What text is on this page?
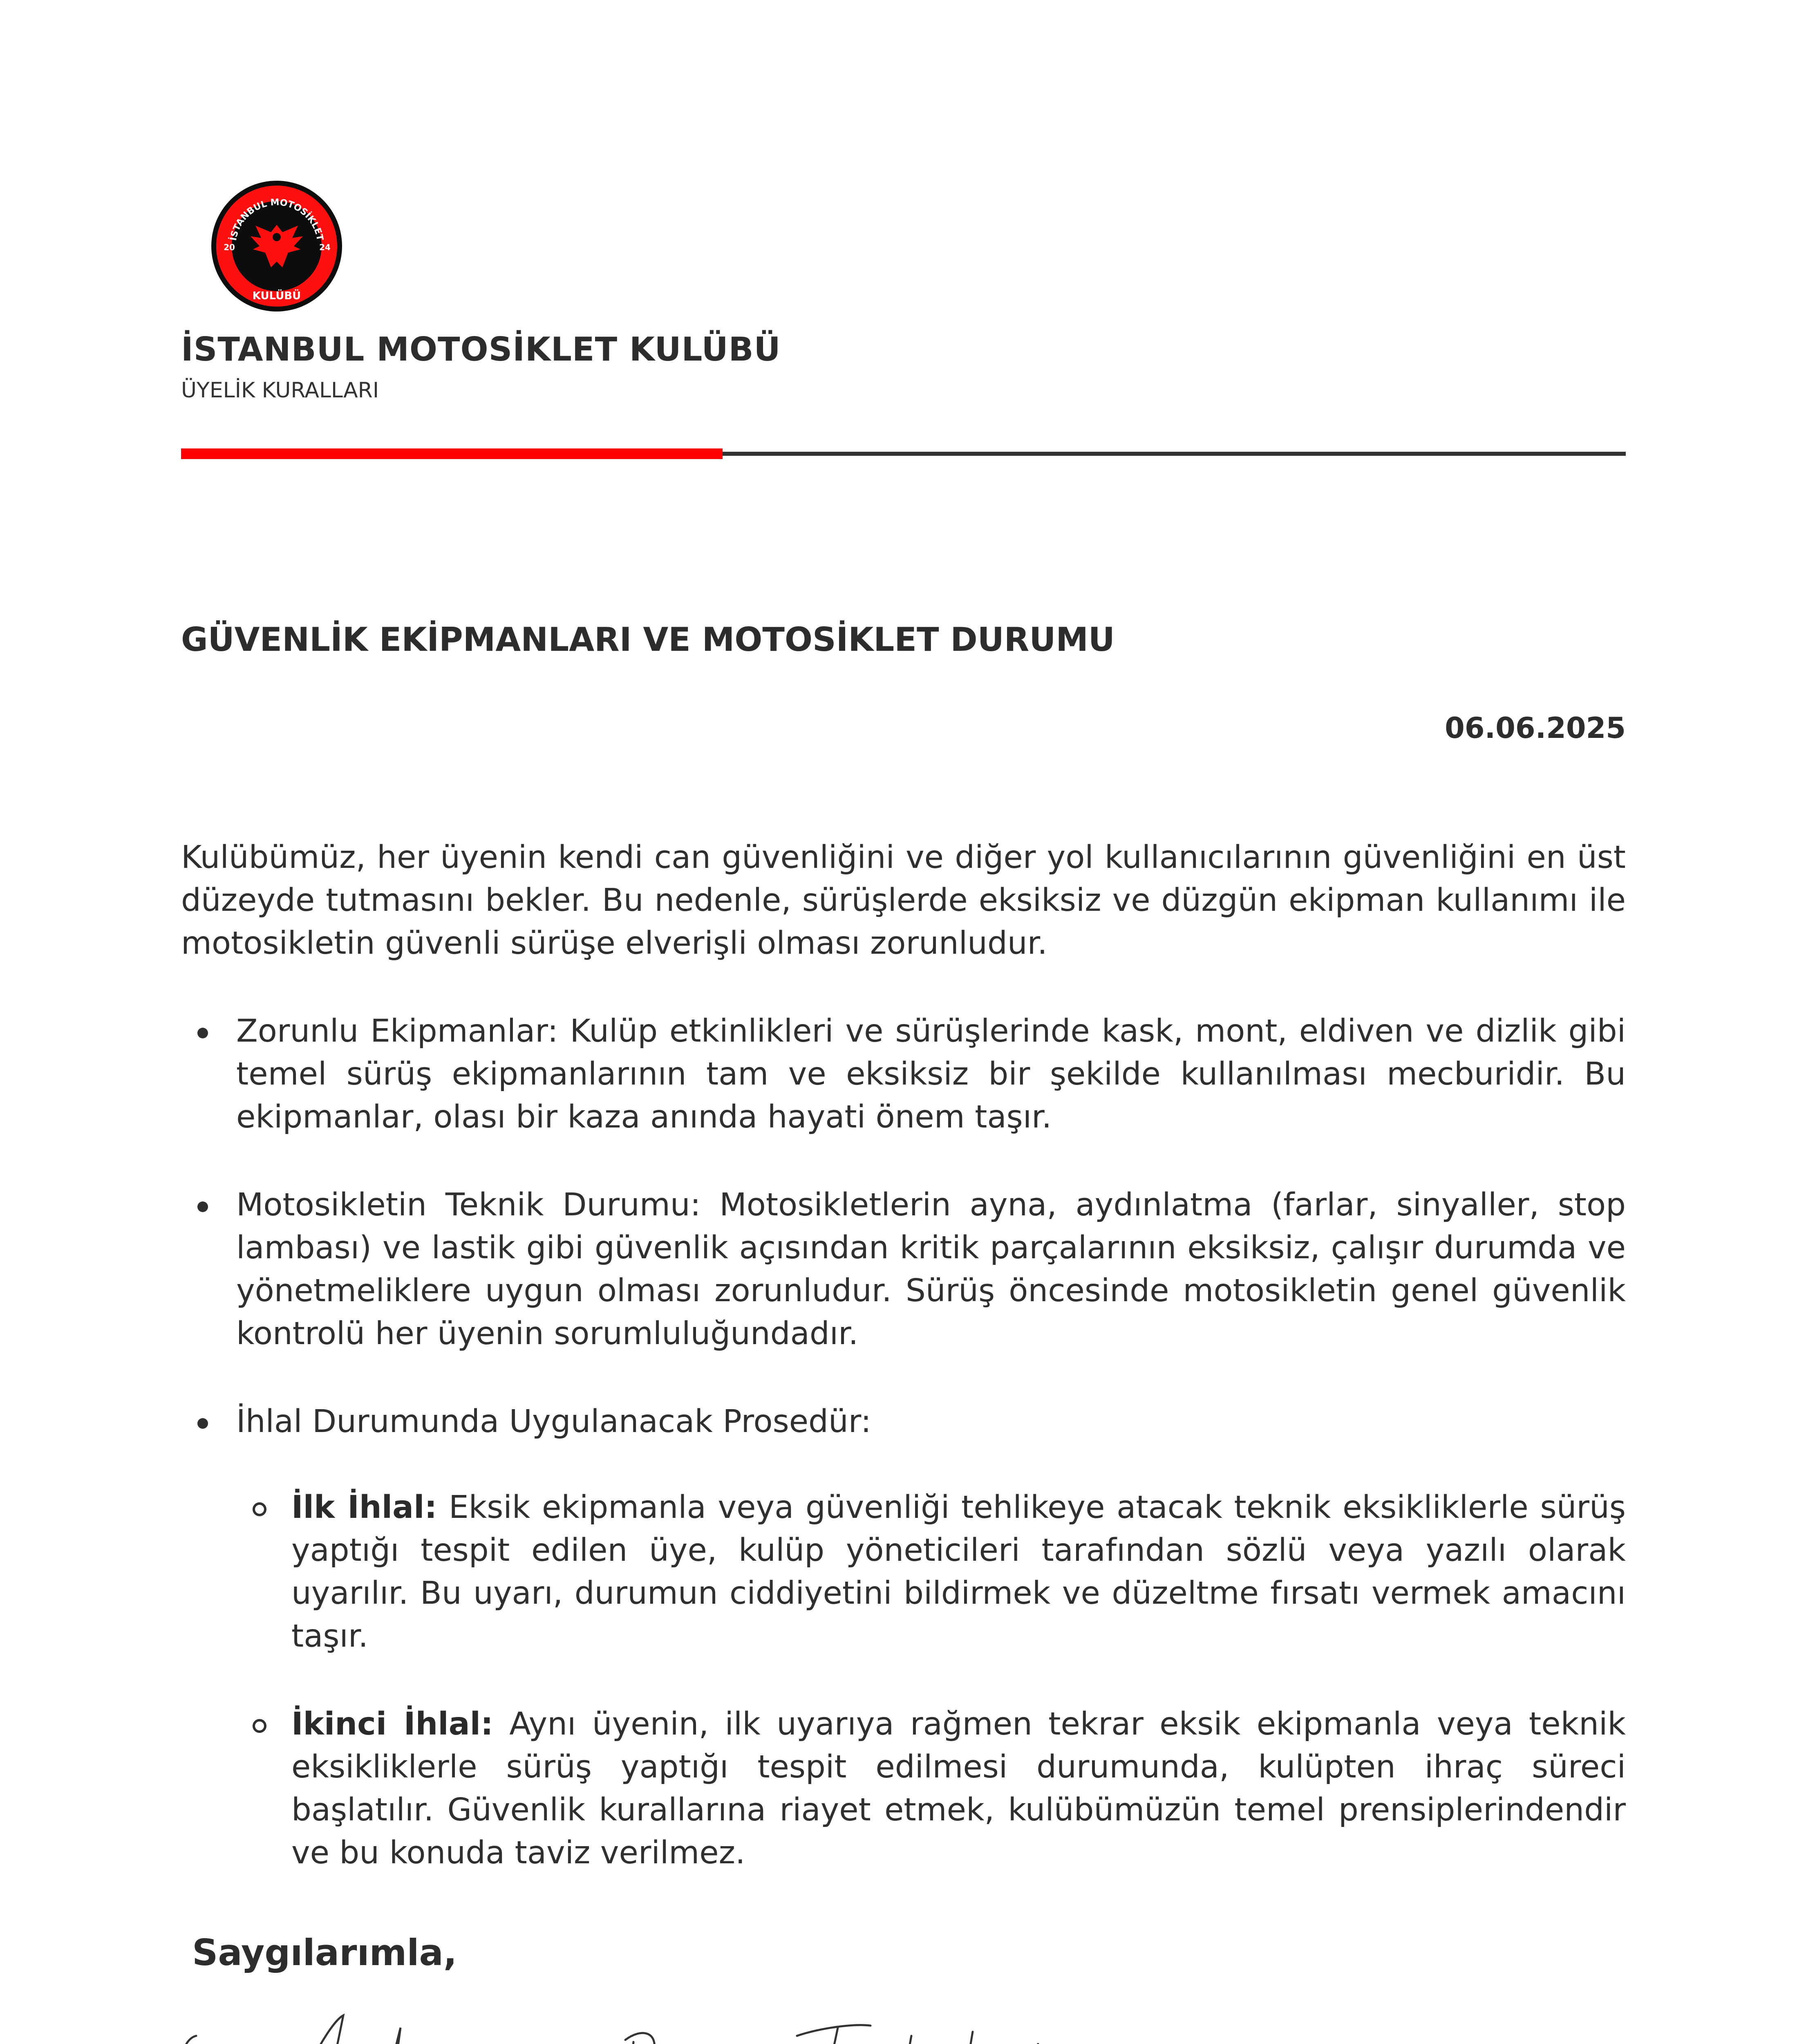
İSTANBUL MOTOSİKLET
KULÜBÜ
20	24
İSTANBUL MOTOSİKLET KULÜBÜ
ÜYELİK KURALLARI
GÜVENLİK EKİPMANLARI VE MOTOSİKLET DURUMU
06.06.2025
Kulübümüz, her üyenin kendi can güvenliğini ve diğer yol kullanıcılarının güvenliğini en üst düzeyde tutmasını bekler. Bu nedenle, sürüşlerde eksiksiz ve düzgün ekipman kullanımı ile motosikletin güvenli sürüşe elverişli olması zorunludur.
Zorunlu Ekipmanlar: Kulüp etkinlikleri ve sürüşlerinde kask, mont, eldiven ve dizlik gibi temel sürüş ekipmanlarının tam ve eksiksiz bir şekilde kullanılması mecburidir. Bu ekipmanlar, olası bir kaza anında hayati önem taşır.
Motosikletin Teknik Durumu: Motosikletlerin ayna, aydınlatma (farlar, sinyaller, stop lambası) ve lastik gibi güvenlik açısından kritik parçalarının eksiksiz, çalışır durumda ve yönetmeliklere uygun olması zorunludur. Sürüş öncesinde motosikletin genel güvenlik kontrolü her üyenin sorumluluğundadır.
İhlal Durumunda Uygulanacak Prosedür:
İlk İhlal: Eksik ekipmanla veya güvenliği tehlikeye atacak teknik eksikliklerle sürüş yaptığı tespit edilen üye, kulüp yöneticileri tarafından sözlü veya yazılı olarak uyarılır. Bu uyarı, durumun ciddiyetini bildirmek ve düzeltme fırsatı vermek amacını taşır.
İkinci İhlal: Aynı üyenin, ilk uyarıya rağmen tekrar eksik ekipmanla veya teknik eksikliklerle sürüş yaptığı tespit edilmesi durumunda, kulüpten ihraç süreci başlatılır. Güvenlik kurallarına riayet etmek, kulübümüzün temel prensiplerindendir ve bu konuda taviz verilmez.
Saygılarımla,
